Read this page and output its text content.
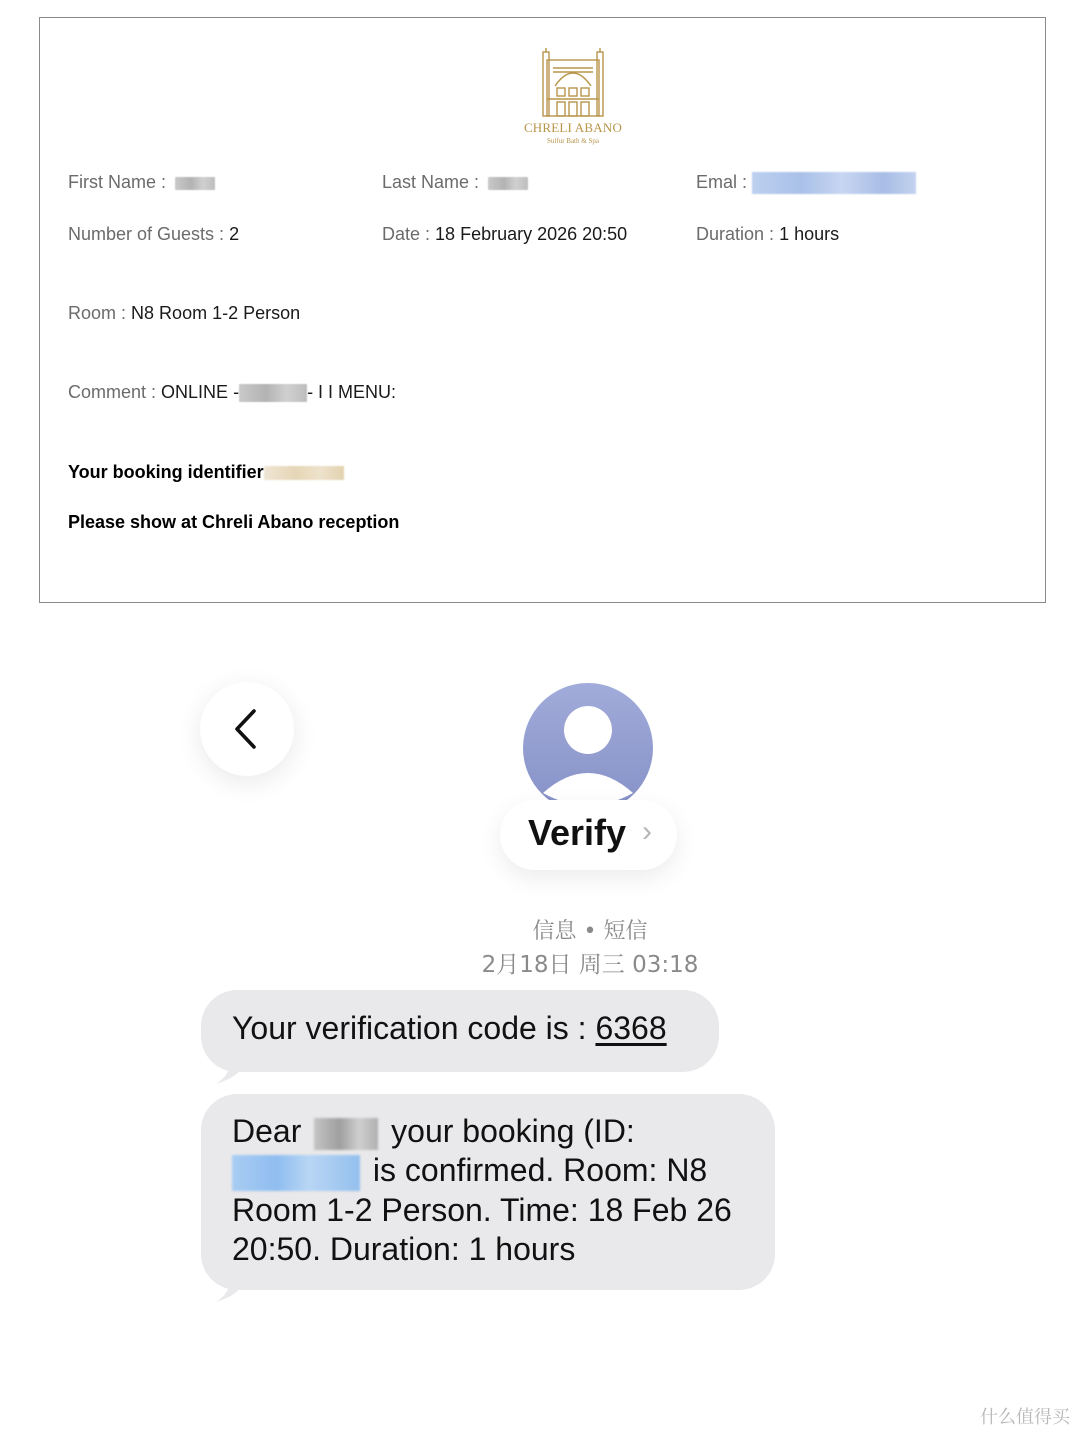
CHRELI ABANO
Sulfur Bath & Spa
First Name :	Last Name :	Emal :
Number of Guests : 2	Date : 18 February 2026 20:50	Duration : 1 hours
Room : N8 Room 1-2 Person
Comment : ONLINE -	- I I MENU:
Your booking identifier
Please show at Chreli Abano reception
Verify ›
信息 • 短信
2月18日 周三 03:18
Your verification code is : 6368
Dear	your booking (ID:
is confirmed. Room: N8
Room 1-2 Person. Time: 18 Feb 26
20:50. Duration: 1 hours
什么值得买
